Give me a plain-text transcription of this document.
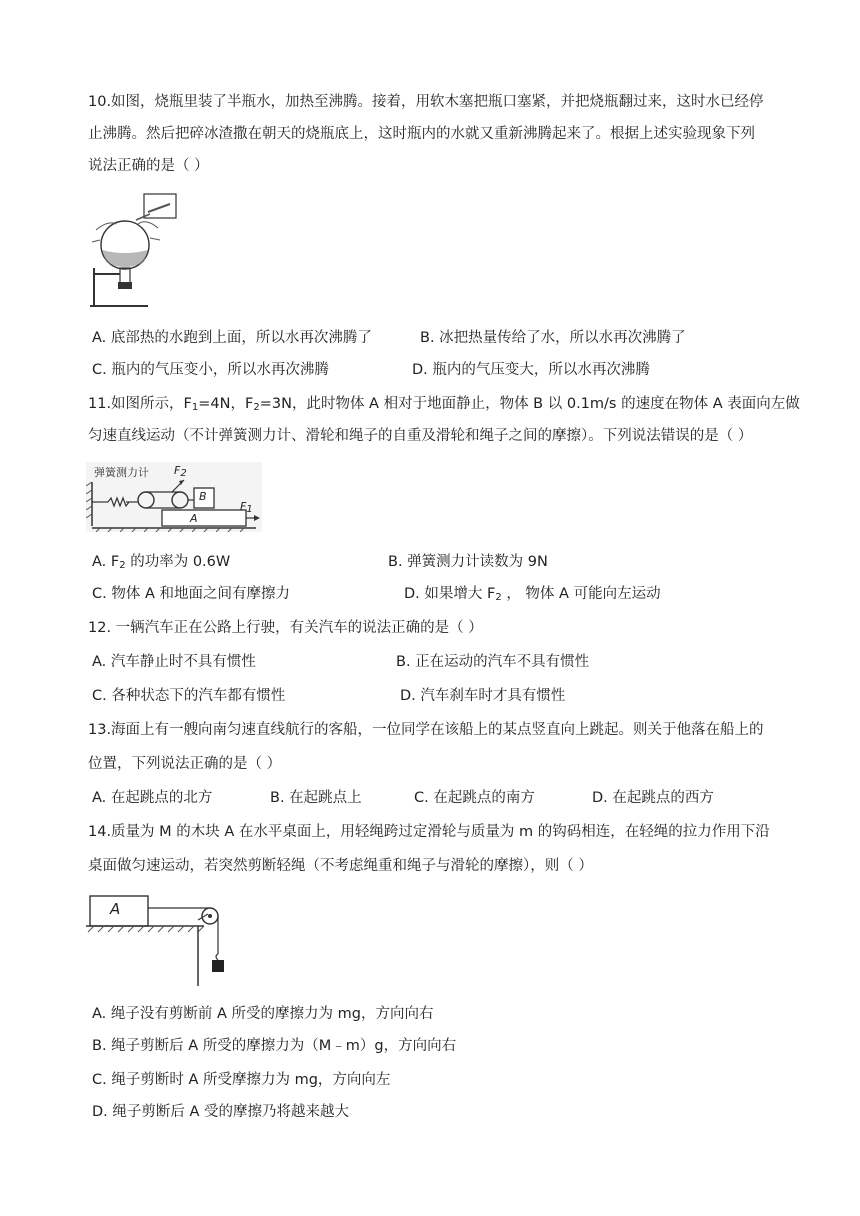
10.如图，烧瓶里装了半瓶水，加热至沸腾。接着，用软木塞把瓶口塞紧，并把烧瓶翻过来，这时水已经停
止沸腾。然后把碎冰渣撒在朝天的烧瓶底上，这时瓶内的水就又重新沸腾起来了。根据上述实验现象下列
说法正确的是（ ）
A. 底部热的水跑到上面，所以水再次沸腾了	B. 冰把热量传给了水，所以水再次沸腾了
C. 瓶内的气压变小，所以水再次沸腾	D. 瓶内的气压变大，所以水再次沸腾
11.如图所示，$F_1=4N$，$F_2=3N$，此时物体 A 相对于地面静止，物体 B 以 0.1m/s 的速度在物体 A 表面向左做
匀速直线运动（不计弹簧测力计、滑轮和绳子的自重及滑轮和绳子之间的摩擦）。下列说法错误的是（ ）
弹簧测力计 $F_2$
B
A
$F_1$
A. $F_2$ 的功率为 0.6W	B. 弹簧测力计读数为 9N
C. 物体 A 和地面之间有摩擦力	D. 如果增大 $F_2$ ， 物体 A 可能向左运动
12. 一辆汽车正在公路上行驶，有关汽车的说法正确的是（ ）
A. 汽车静止时不具有惯性	B. 正在运动的汽车不具有惯性
C. 各种状态下的汽车都有惯性	D. 汽车刹车时才具有惯性
13.海面上有一艘向南匀速直线航行的客船，一位同学在该船上的某点竖直向上跳起。则关于他落在船上的
位置，下列说法正确的是（ ）
A. 在起跳点的北方	B. 在起跳点上	C. 在起跳点的南方	D. 在起跳点的西方
14.质量为 M 的木块 A 在水平桌面上，用轻绳跨过定滑轮与质量为 m 的钩码相连，在轻绳的拉力作用下沿
桌面做匀速运动，若突然剪断轻绳（不考虑绳重和绳子与滑轮的摩擦），则（ ）
A
A. 绳子没有剪断前 A 所受的摩擦力为 mg，方向向右
B. 绳子剪断后 A 所受的摩擦力为（M﹣m）g，方向向右
C. 绳子剪断时 A 所受摩擦力为 mg，方向向左
D. 绳子剪断后 A 受的摩擦乃将越来越大
